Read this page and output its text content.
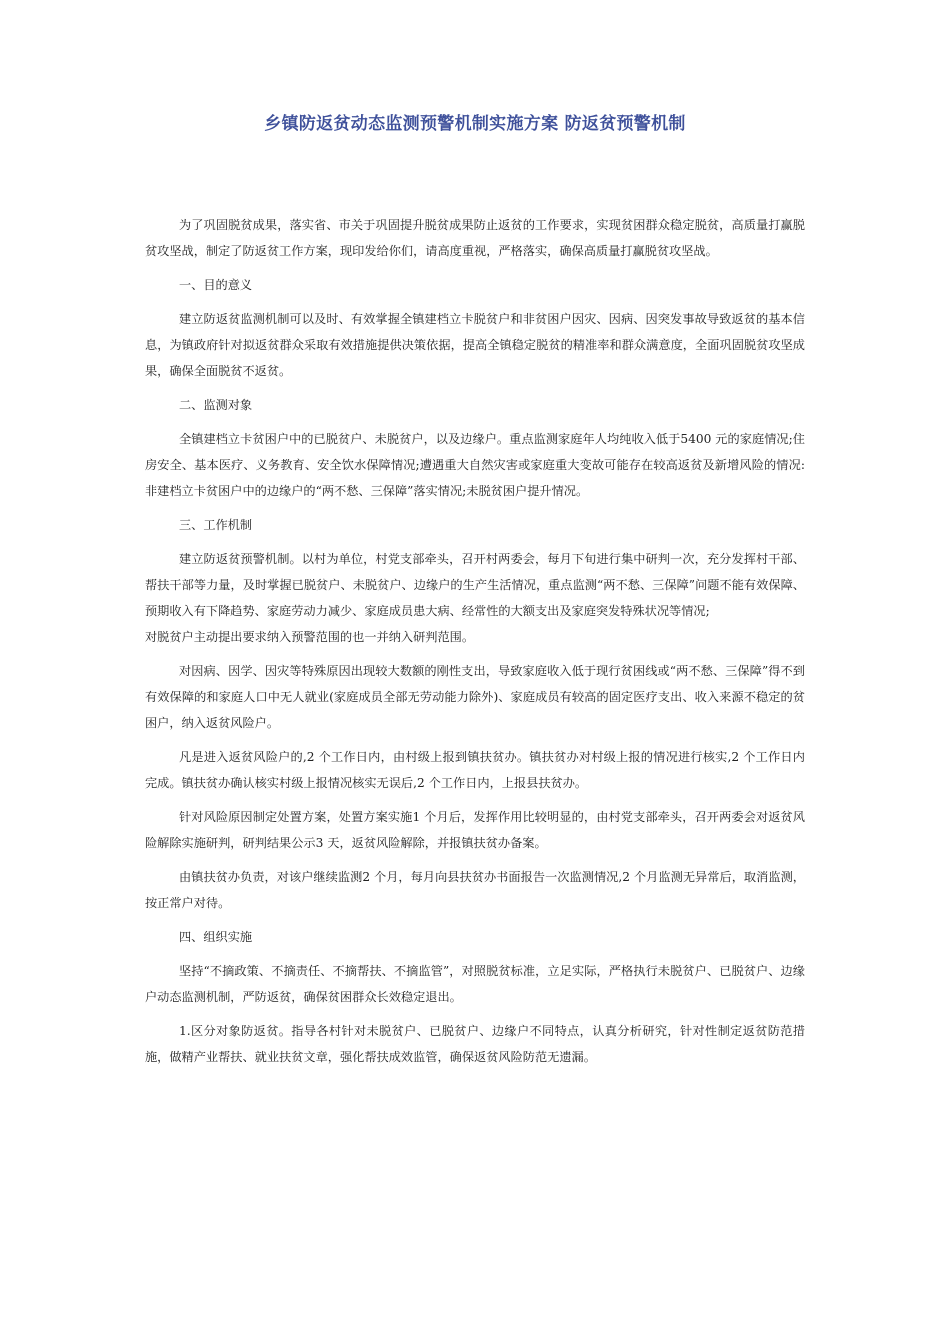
乡镇防返贫动态监测预警机制实施方案 防返贫预警机制

为了巩固脱贫成果，落实省、市关于巩固提升脱贫成果防止返贫的工作要求，实现贫困群众稳定脱贫，高质量打赢脱贫攻坚战，制定了防返贫工作方案，现印发给你们，请高度重视，严格落实，确保高质量打赢脱贫攻坚战。

一、目的意义

建立防返贫监测机制可以及时、有效掌握全镇建档立卡脱贫户和非贫困户因灾、因病、因突发事故导致返贫的基本信息，为镇政府针对拟返贫群众采取有效措施提供决策依据，提高全镇稳定脱贫的精准率和群众满意度，全面巩固脱贫攻坚成果，确保全面脱贫不返贫。

二、监测对象

全镇建档立卡贫困户中的已脱贫户、未脱贫户，以及边缘户。重点监测家庭年人均纯收入低于5400 元的家庭情况;住房安全、基本医疗、义务教育、安全饮水保障情况;遭遇重大自然灾害或家庭重大变故可能存在较高返贫及新增风险的情况:非建档立卡贫困户中的边缘户的“两不愁、三保障”落实情况;未脱贫困户提升情况。

三、工作机制

建立防返贫预警机制。以村为单位，村党支部牵头，召开村两委会，每月下旬进行集中研判一次，充分发挥村干部、帮扶干部等力量，及时掌握已脱贫户、未脱贫户、边缘户的生产生活情况，重点监测“两不愁、三保障”问题不能有效保障、预期收入有下降趋势、家庭劳动力减少、家庭成员患大病、经常性的大额支出及家庭突发特殊状况等情况;

对脱贫户主动提出要求纳入预警范围的也一并纳入研判范围。

对因病、因学、因灾等特殊原因出现较大数额的刚性支出，导致家庭收入低于现行贫困线或“两不愁、三保障”得不到有效保障的和家庭人口中无人就业(家庭成员全部无劳动能力除外)、家庭成员有较高的固定医疗支出、收入来源不稳定的贫困户，纳入返贫风险户。

凡是进入返贫风险户的,2 个工作日内，由村级上报到镇扶贫办。镇扶贫办对村级上报的情况进行核实,2 个工作日内完成。镇扶贫办确认核实村级上报情况核实无误后,2 个工作日内，上报县扶贫办。

针对风险原因制定处置方案，处置方案实施1 个月后，发挥作用比较明显的，由村党支部牵头，召开两委会对返贫风险解除实施研判，研判结果公示3 天，返贫风险解除，并报镇扶贫办备案。

由镇扶贫办负责，对该户继续监测2 个月，每月向县扶贫办书面报告一次监测情况,2 个月监测无异常后，取消监测，按正常户对待。

四、组织实施

坚持“不摘政策、不摘责任、不摘帮扶、不摘监管”，对照脱贫标准，立足实际，严格执行未脱贫户、已脱贫户、边缘户动态监测机制，严防返贫，确保贫困群众长效稳定退出。

1.区分对象防返贫。指导各村针对未脱贫户、已脱贫户、边缘户不同特点，认真分析研究，针对性制定返贫防范措施，做精产业帮扶、就业扶贫文章，强化帮扶成效监管，确保返贫风险防范无遗漏。
